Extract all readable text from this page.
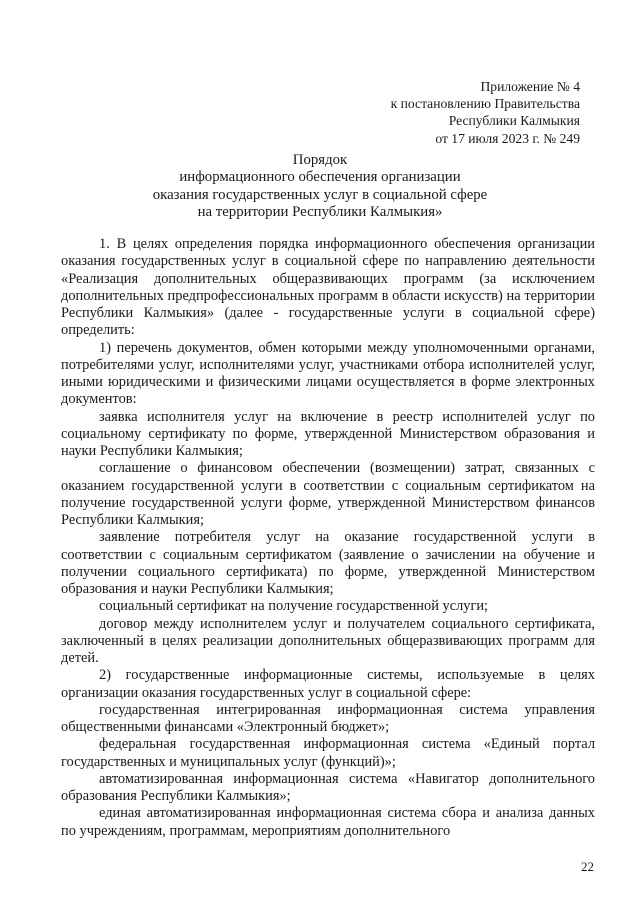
Приложение № 4
к постановлению Правительства
Республики Калмыкия
от 17 июля 2023 г. № 249
Порядок
информационного обеспечения организации
оказания государственных услуг в социальной сфере
на территории Республики Калмыкия»

1. В целях определения порядка информационного обеспечения организации оказания государственных услуг в социальной сфере по направлению деятельности «Реализация дополнительных общеразвивающих программ (за исключением дополнительных предпрофессиональных программ в области искусств) на территории Республики Калмыкия» (далее - государственные услуги в социальной сфере) определить:

1) перечень документов, обмен которыми между уполномоченными органами, потребителями услуг, исполнителями услуг, участниками отбора исполнителей услуг, иными юридическими и физическими лицами осуществляется в форме электронных документов:

заявка исполнителя услуг на включение в реестр исполнителей услуг по социальному сертификату по форме, утвержденной Министерством образования и науки Республики Калмыкия;

соглашение о финансовом обеспечении (возмещении) затрат, связанных с оказанием государственной услуги в соответствии с социальным сертификатом на получение государственной услуги форме, утвержденной Министерством финансов Республики Калмыкия;

заявление потребителя услуг на оказание государственной услуги в соответствии с социальным сертификатом (заявление о зачислении на обучение и получении социального сертификата) по форме, утвержденной Министерством образования и науки Республики Калмыкия;

социальный сертификат на получение государственной услуги;

договор между исполнителем услуг и получателем социального сертификата, заключенный в целях реализации дополнительных общеразвивающих программ для детей.

2) государственные информационные системы, используемые в целях организации оказания государственных услуг в социальной сфере:

государственная интегрированная информационная система управления общественными финансами «Электронный бюджет»;

федеральная государственная информационная система «Единый портал государственных и муниципальных услуг (функций)»;

автоматизированная информационная система «Навигатор дополнительного образования Республики Калмыкия»;

единая автоматизированная информационная система сбора и анализа данных по учреждениям, программам, мероприятиям дополнительного

22
